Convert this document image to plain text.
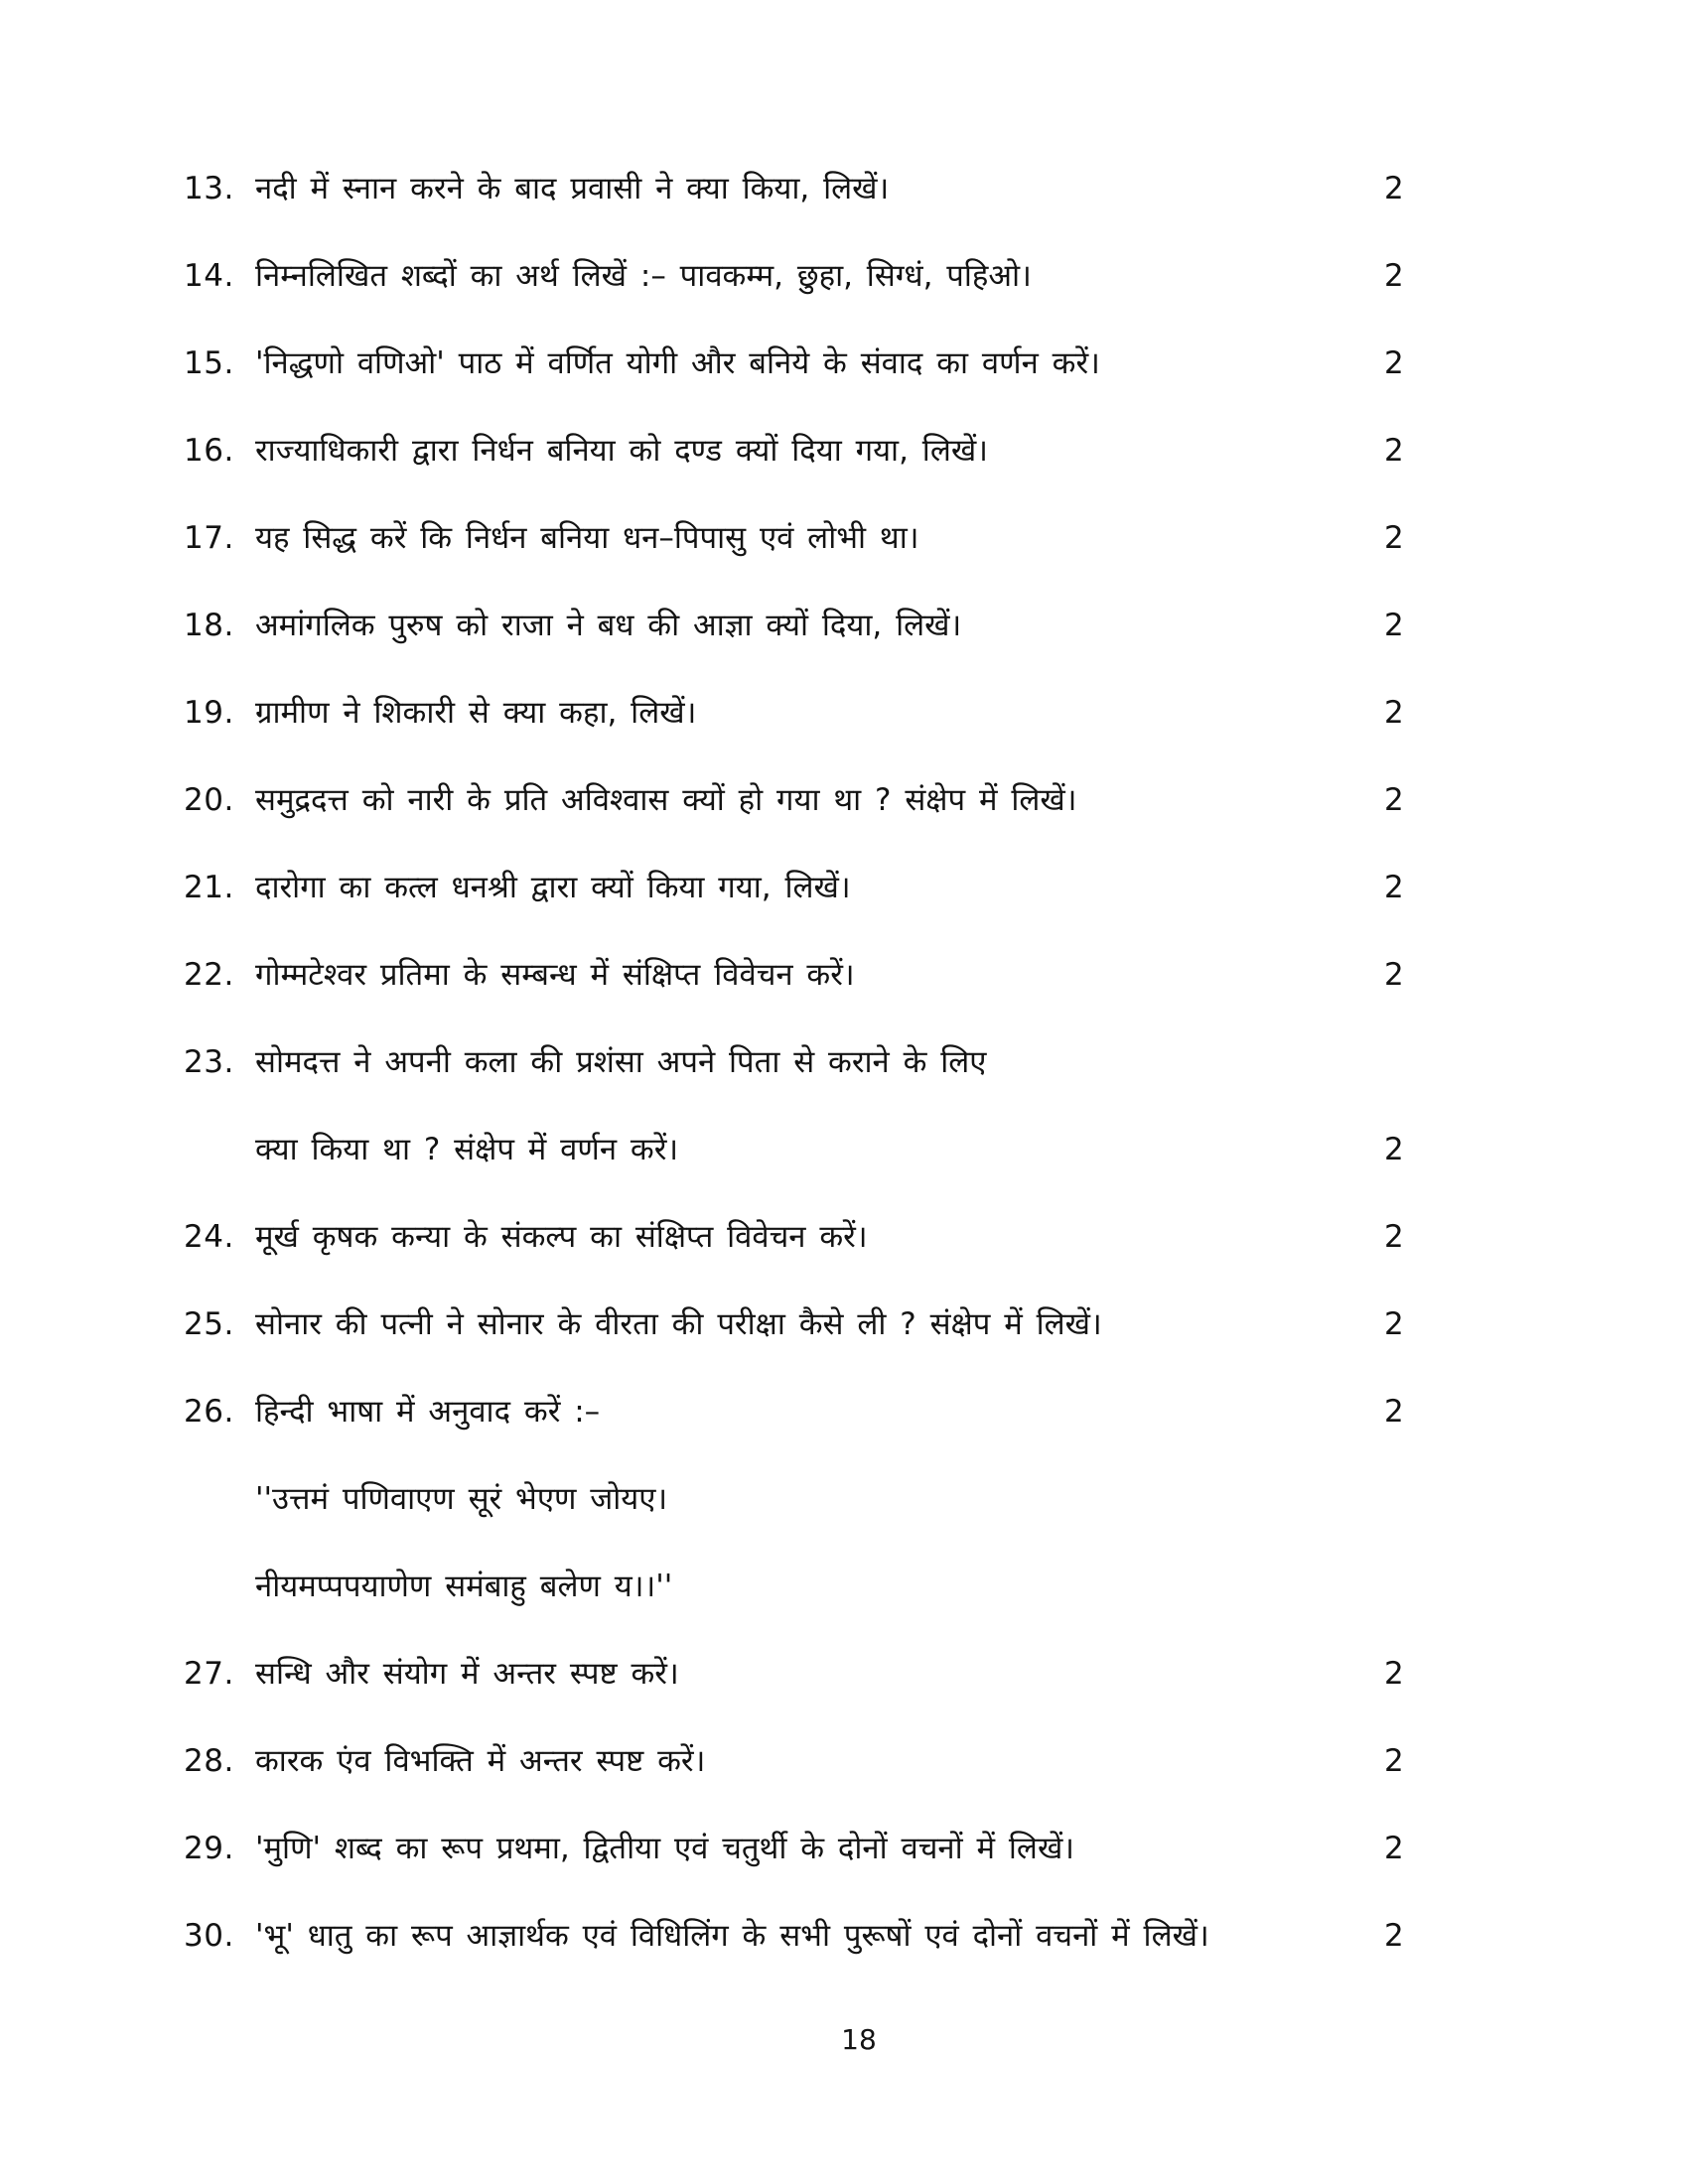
13. नदी में स्नान करने के बाद प्रवासी ने क्या किया, लिखें।	2
14. निम्नलिखित शब्दों का अर्थ लिखें :– पावकम्म, छुहा, सिग्धं, पहिओ।	2
15. 'निद्धणो वणिओ' पाठ में वर्णित योगी और बनिये के संवाद का वर्णन करें।	2
16. राज्याधिकारी द्वारा निर्धन बनिया को दण्ड क्यों दिया गया, लिखें।	2
17. यह सिद्ध करें कि निर्धन बनिया धन–पिपासु एवं लोभी था।	2
18. अमांगलिक पुरुष को राजा ने बध की आज्ञा क्यों दिया, लिखें।	2
19. ग्रामीण ने शिकारी से क्या कहा, लिखें।	2
20. समुद्रदत्त को नारी के प्रति अविश्वास क्यों हो गया था ? संक्षेप में लिखें।	2
21. दारोगा का कत्ल धनश्री द्वारा क्यों किया गया, लिखें।	2
22. गोम्मटेश्वर प्रतिमा के सम्बन्ध में संक्षिप्त विवेचन करें।	2
23. सोमदत्त ने अपनी कला की प्रशंसा अपने पिता से कराने के लिए
क्या किया था ? संक्षेप में वर्णन करें।	2
24. मूर्ख कृषक कन्या के संकल्प का संक्षिप्त विवेचन करें।	2
25. सोनार की पत्नी ने सोनार के वीरता की परीक्षा कैसे ली ? संक्षेप में लिखें।	2
26. हिन्दी भाषा में अनुवाद करें :–	2
''उत्तमं पणिवाएण सूरं भेएण जोयए।
नीयमप्पपयाणेण समंबाहु बलेण य।।''
27. सन्धि और संयोग में अन्तर स्पष्ट करें।	2
28. कारक एंव विभक्ति में अन्तर स्पष्ट करें।	2
29. 'मुणि' शब्द का रूप प्रथमा, द्वितीया एवं चतुर्थी के दोनों वचनों में लिखें।	2
30. 'भू' धातु का रूप आज्ञार्थक एवं विधिलिंग के सभी पुरूषों एवं दोनों वचनों में लिखें।	2
18
